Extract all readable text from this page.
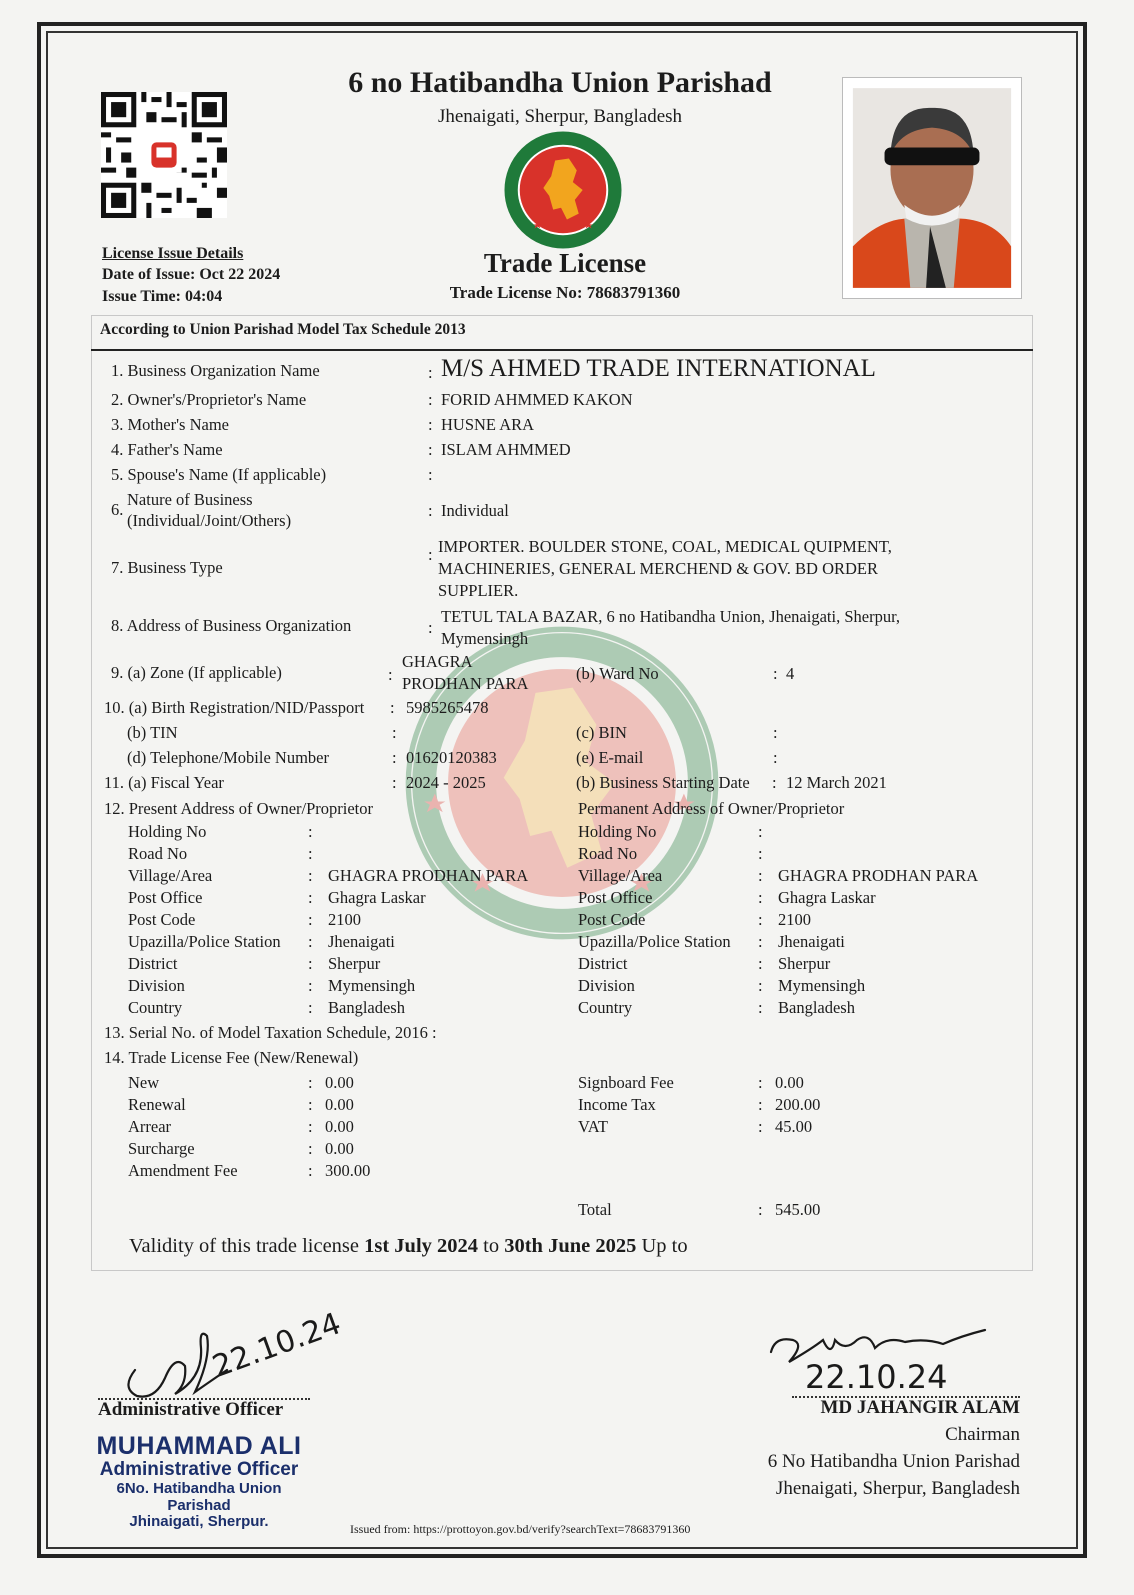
License Issue Details
Date of Issue: Oct 22 2024
Issue Time: 04:04
6 no Hatibandha Union Parishad
Jhenaigati, Sherpur, Bangladesh
Trade License
Trade License No: 78683791360
According to Union Parishad Model Tax Schedule 2013
1. Business Organization Name	: M/S AHMED TRADE INTERNATIONAL
2. Owner's/Proprietor's Name	: FORID AHMMED KAKON
3. Mother's Name	: HUSNE ARA
4. Father's Name	: ISLAM AHMMED
5. Spouse's Name (If applicable)	:
6.
Nature of Business
(Individual/Joint/Others)
: Individual
7. Business Type
: IMPORTER. BOULDER STONE, COAL, MEDICAL QUIPMENT,
MACHINERIES, GENERAL MERCHEND & GOV. BD ORDER
SUPPLIER.
8. Address of Business Organization	:
TETUL TALA BAZAR, 6 no Hatibandha Union, Jhenaigati, Sherpur,
Mymensingh
9. (a) Zone (If applicable)	:
GHAGRA
PRODHAN PARA
(b) Ward No	: 4
10. (a) Birth Registration/NID/Passport : 5985265478
(b) TIN	:	(c) BIN	:
(d) Telephone/Mobile Number	: 01620120383	(e) E-mail	:
11. (a) Fiscal Year	: 2024 - 2025	(b) Business Starting Date : 12 March 2021
12. Present Address of Owner/Proprietor	Permanent Address of Owner/Proprietor
Holding No	:
Road No	:
Village/Area	: GHAGRA PRODHAN PARA
Post Office	: Ghagra Laskar
Post Code	: 2100
Upazilla/Police Station : Jhenaigati
District	: Sherpur
Division	: Mymensingh
Country	: Bangladesh
Holding No	:
Road No	:
Village/Area	: GHAGRA PRODHAN PARA
Post Office	: Ghagra Laskar
Post Code	: 2100
Upazilla/Police Station : Jhenaigati
District	: Sherpur
Division	: Mymensingh
Country	: Bangladesh
13. Serial No. of Model Taxation Schedule, 2016 :
14. Trade License Fee (New/Renewal)
New	: 0.00
Renewal	: 0.00
Arrear	: 0.00
Surcharge	: 0.00
Amendment Fee	: 300.00
Signboard Fee	: 0.00
Income Tax	: 200.00
VAT	: 45.00
Total	: 545.00
Validity of this trade license 1st July 2024 to 30th June 2025 Up to
22.10.24
Administrative Officer
MUHAMMAD ALI
Administrative Officer
6No. Hatibandha Union Parishad
Jhinaigati, Sherpur.
22.10.24
MD JAHANGIR ALAM
Chairman
6 No Hatibandha Union Parishad
Jhenaigati, Sherpur, Bangladesh
Issued from: https://prottoyon.gov.bd/verify?searchText=78683791360
